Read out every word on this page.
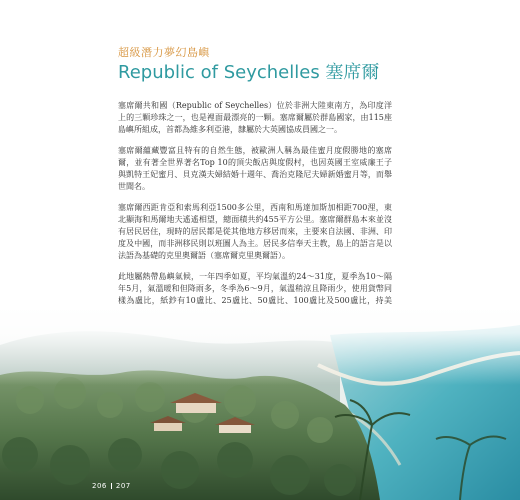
超級潛力夢幻島嶼
Republic of Seychelles 塞席爾

塞席爾共和國（Republic of Seychelles）位於非洲大陸東南方，為印度洋上的三顆珍珠之一，也是裡面最漂亮的一顆。塞席爾屬於群島國家，由115座島嶼所組成，首都為維多利亞港，隸屬於大英國協成員國之一。

塞席爾蘊藏豐富且特有的自然生態，被歐洲人稱為最佳蜜月度假勝地的塞席爾，並有著全世界著名Top 10的頂尖飯店與度假村，也因英國王室威廉王子與凱特王妃蜜月、貝克漢夫婦結婚十週年、喬治克隆尼夫婦新婚蜜月等，而舉世聞名。

塞席爾西距肯亞和索馬利亞1500多公里，西南和馬達加斯加相距700浬，東北顯海和馬爾地夫遙遙相望，總面積共約455平方公里。塞席爾群島本來並沒有居民居住，現時的居民都是從其他地方移居而來，主要來自法國、非洲、印度及中國，而非洲移民則以班圖人為主。居民多信奉天主教，島上的語言是以法語為基礎的克里奧爾語（塞席爾克里奧爾語）。

此地屬熱帶島嶼氣候，一年四季如夏，平均氣溫約24～31度，夏季為10～隔年5月，氣溫暖和但降雨多，冬季為6～9月，氣溫稍涼且降雨少，使用貨幣同樣為盧比，紙鈔有10盧比、25盧比、50盧比、100盧比及500盧比，持美

206 207
